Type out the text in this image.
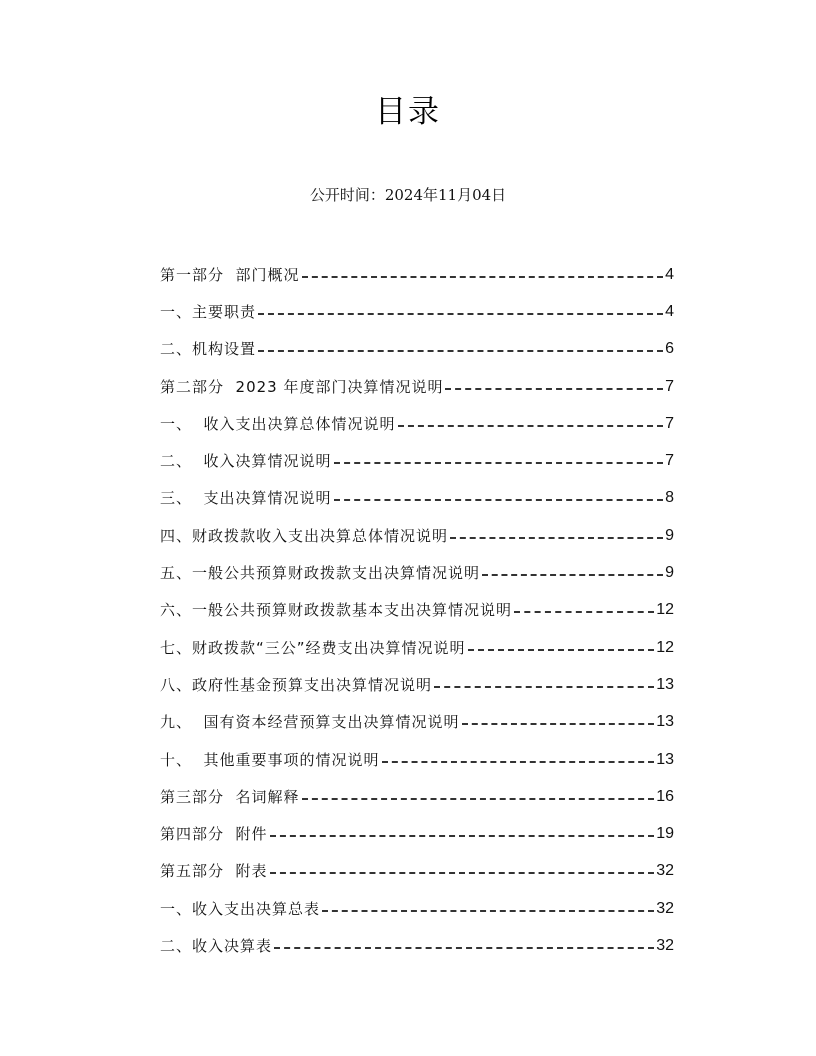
目录
公开时间：2024年11月04日
第一部分  部门概况	4
一、主要职责	4
二、机构设置	6
第二部分  2023 年度部门决算情况说明	7
一、  收入支出决算总体情况说明	7
二、  收入决算情况说明	7
三、  支出决算情况说明	8
四、财政拨款收入支出决算总体情况说明	9
五、一般公共预算财政拨款支出决算情况说明	9
六、一般公共预算财政拨款基本支出决算情况说明	12
七、财政拨款“三公”经费支出决算情况说明	12
八、政府性基金预算支出决算情况说明	13
九、  国有资本经营预算支出决算情况说明	13
十、  其他重要事项的情况说明	13
第三部分  名词解释	16
第四部分  附件	19
第五部分  附表	32
一、收入支出决算总表	32
二、收入决算表	32
